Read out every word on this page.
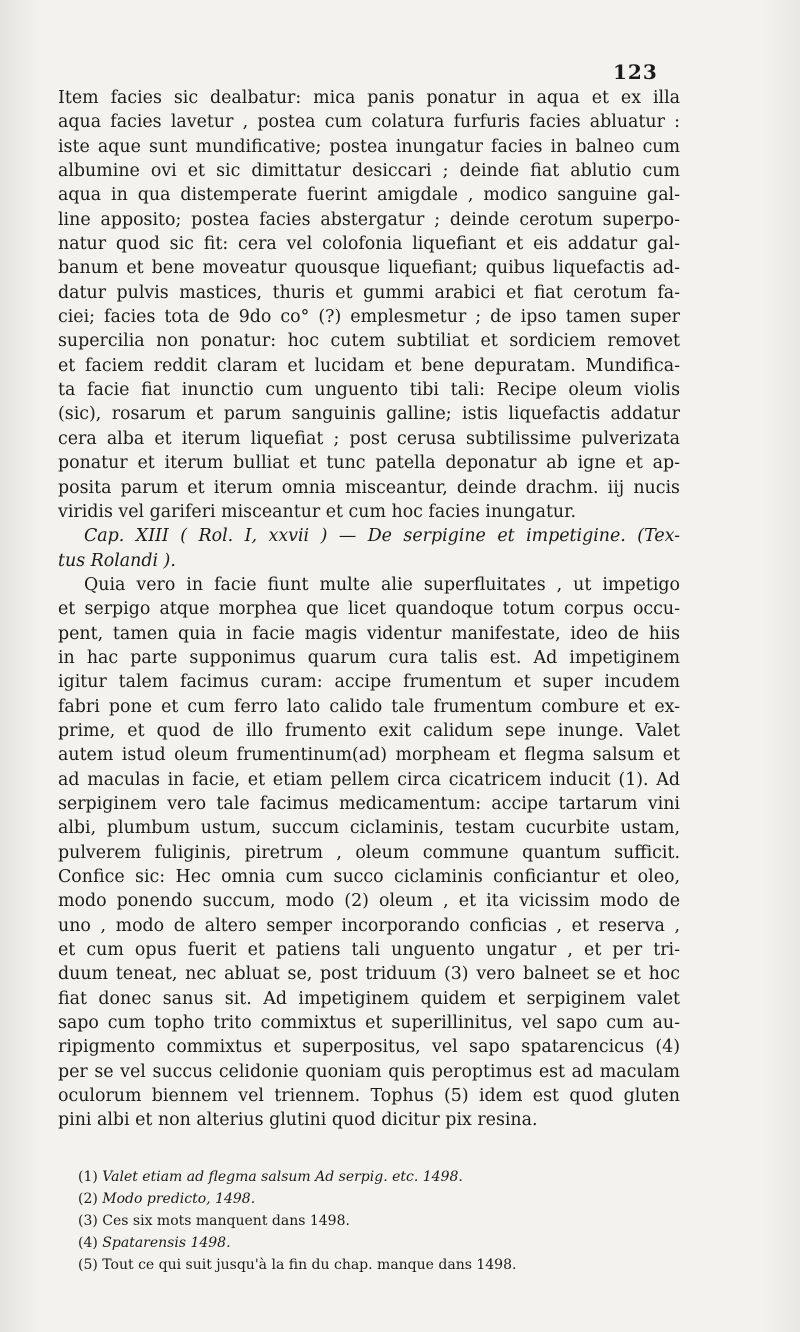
123
Item facies sic dealbatur: mica panis ponatur in aqua et ex illa
aqua facies lavetur , postea cum colatura furfuris facies abluatur :
iste aque sunt mundificative; postea inungatur facies in balneo cum
albumine ovi et sic dimittatur desiccari ; deinde fiat ablutio cum
aqua in qua distemperate fuerint amigdale , modico sanguine gal-
line apposito; postea facies abstergatur ; deinde cerotum superpo-
natur quod sic fit: cera vel colofonia liquefiant et eis addatur gal-
banum et bene moveatur quousque liquefiant; quibus liquefactis ad-
datur pulvis mastices, thuris et gummi arabici et fiat cerotum fa-
ciei; facies tota de 9do co° (?) emplesmetur ; de ipso tamen super
supercilia non ponatur: hoc cutem subtiliat et sordiciem removet
et faciem reddit claram et lucidam et bene depuratam. Mundifica-
ta facie fiat inunctio cum unguento tibi tali: Recipe oleum violis
(sic), rosarum et parum sanguinis galline; istis liquefactis addatur
cera alba et iterum liquefiat ; post cerusa subtilissime pulverizata
ponatur et iterum bulliat et tunc patella deponatur ab igne et ap-
posita parum et iterum omnia misceantur, deinde drachm. iij nucis
viridis vel gariferi misceantur et cum hoc facies inungatur.
Cap. XIII ( Rol. I, xxvii ) — De serpigine et impetigine. (Tex-
tus Rolandi ).
Quia vero in facie fiunt multe alie superfluitates , ut impetigo
et serpigo atque morphea que licet quandoque totum corpus occu-
pent, tamen quia in facie magis videntur manifestate, ideo de hiis
in hac parte supponimus quarum cura talis est. Ad impetiginem
igitur talem facimus curam: accipe frumentum et super incudem
fabri pone et cum ferro lato calido tale frumentum combure et ex-
prime, et quod de illo frumento exit calidum sepe inunge. Valet
autem istud oleum frumentinum(ad) morpheam et flegma salsum et
ad maculas in facie, et etiam pellem circa cicatricem inducit (1). Ad
serpiginem vero tale facimus medicamentum: accipe tartarum vini
albi, plumbum ustum, succum ciclaminis, testam cucurbite ustam,
pulverem fuliginis, piretrum , oleum commune quantum sufficit.
Confice sic: Hec omnia cum succo ciclaminis conficiantur et oleo,
modo ponendo succum, modo (2) oleum , et ita vicissim modo de
uno , modo de altero semper incorporando conficias , et reserva ,
et cum opus fuerit et patiens tali unguento ungatur , et per tri-
duum teneat, nec abluat se, post triduum (3) vero balneet se et hoc
fiat donec sanus sit. Ad impetiginem quidem et serpiginem valet
sapo cum topho trito commixtus et superillinitus, vel sapo cum au-
ripigmento commixtus et superpositus, vel sapo spatarencicus (4)
per se vel succus celidonie quoniam quis peroptimus est ad maculam
oculorum biennem vel triennem. Tophus (5) idem est quod gluten
pini albi et non alterius glutini quod dicitur pix resina.
(1) Valet etiam ad flegma salsum Ad serpig. etc. 1498.
(2) Modo predicto, 1498.
(3) Ces six mots manquent dans 1498.
(4) Spatarensis 1498.
(5) Tout ce qui suit jusqu'à la fin du chap. manque dans 1498.
